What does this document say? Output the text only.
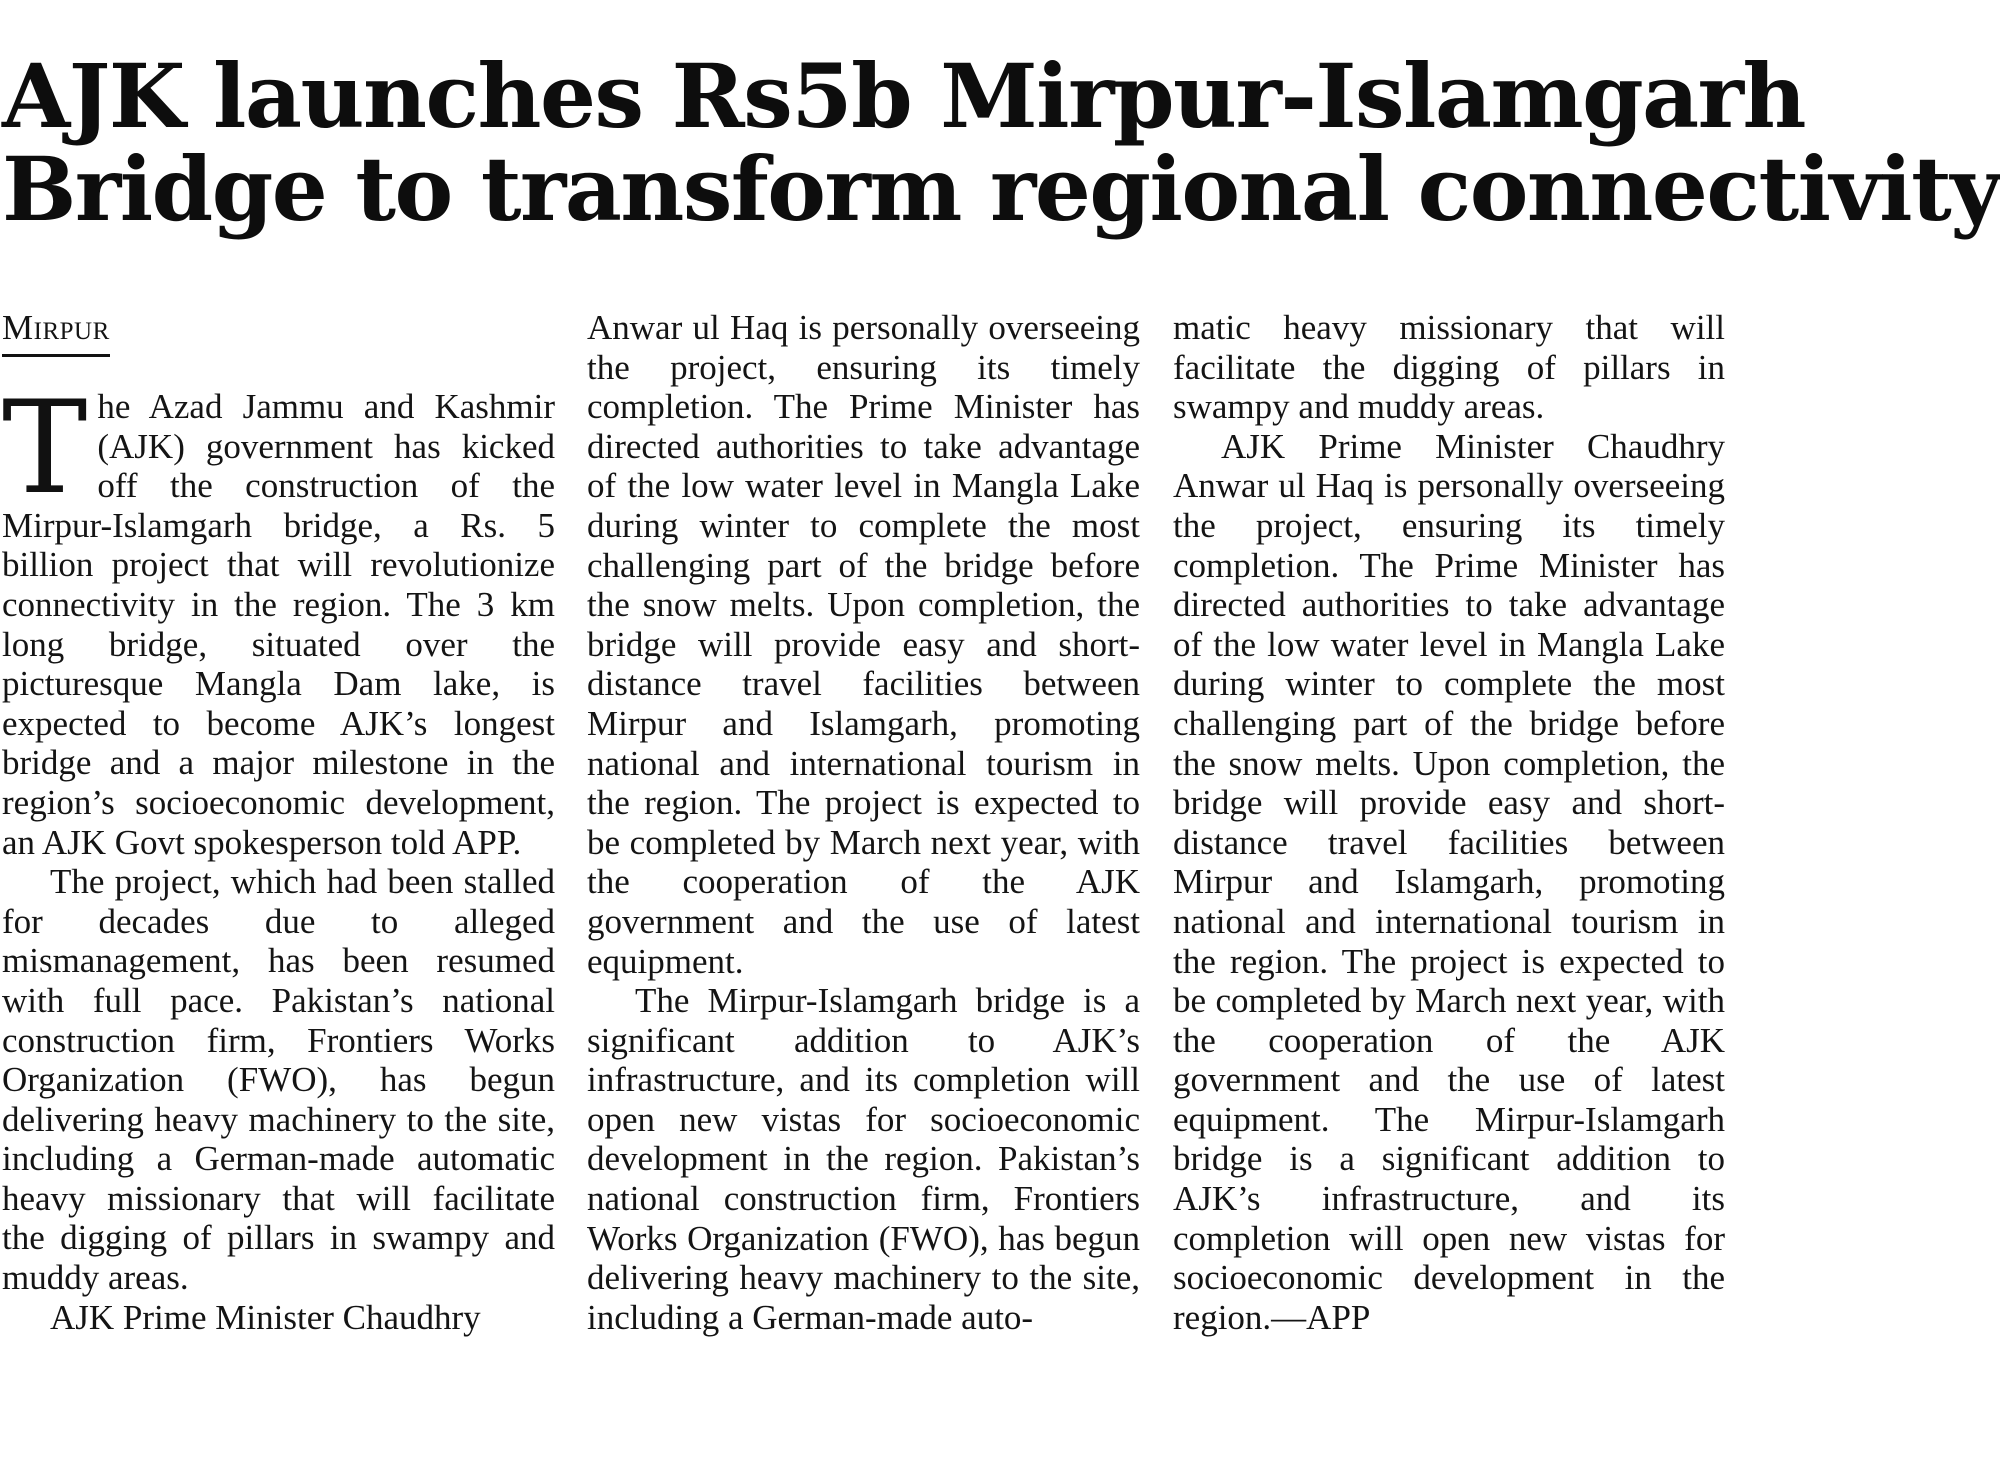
AJK launches Rs5b Mirpur-Islamgarh
Bridge to transform regional connectivity
Mirpur

The Azad Jammu and Kashmir (AJK) government has kicked off the construction of the Mirpur-Islamgarh bridge, a Rs. 5 billion project that will revolutionize connectivity in the region. The 3 km long bridge, situated over the picturesque Mangla Dam lake, is expected to become AJK’s longest bridge and a major milestone in the region’s socioeconomic development, an AJK Govt spokesperson told APP.

The project, which had been stalled for decades due to alleged mismanagement, has been resumed with full pace. Pakistan’s national construction firm, Frontiers Works Organization (FWO), has begun delivering heavy machinery to the site, including a German-made automatic heavy missionary that will facilitate the digging of pillars in swampy and muddy areas.

AJK Prime Minister Chaudhry

Anwar ul Haq is personally overseeing the project, ensuring its timely completion. The Prime Minister has directed authorities to take advantage of the low water level in Mangla Lake during winter to complete the most challenging part of the bridge before the snow melts. Upon completion, the bridge will provide easy and short-distance travel facilities between Mirpur and Islamgarh, promoting national and international tourism in the region. The project is expected to be completed by March next year, with the cooperation of the AJK government and the use of latest equipment.

The Mirpur-Islamgarh bridge is a significant addition to AJK’s infrastructure, and its completion will open new vistas for socioeconomic development in the region. Pakistan’s national construction firm, Frontiers Works Organization (FWO), has begun delivering heavy machinery to the site, including a German-made auto-

matic heavy missionary that will facilitate the digging of pillars in swampy and muddy areas.

AJK Prime Minister Chaudhry Anwar ul Haq is personally overseeing the project, ensuring its timely completion. The Prime Minister has directed authorities to take advantage of the low water level in Mangla Lake during winter to complete the most challenging part of the bridge before the snow melts. Upon completion, the bridge will provide easy and short-distance travel facilities between Mirpur and Islamgarh, promoting national and international tourism in the region. The project is expected to be completed by March next year, with the cooperation of the AJK government and the use of latest equipment. The Mirpur-Islamgarh bridge is a significant addition to AJK’s infrastructure, and its completion will open new vistas for socioeconomic development in the region.—APP
